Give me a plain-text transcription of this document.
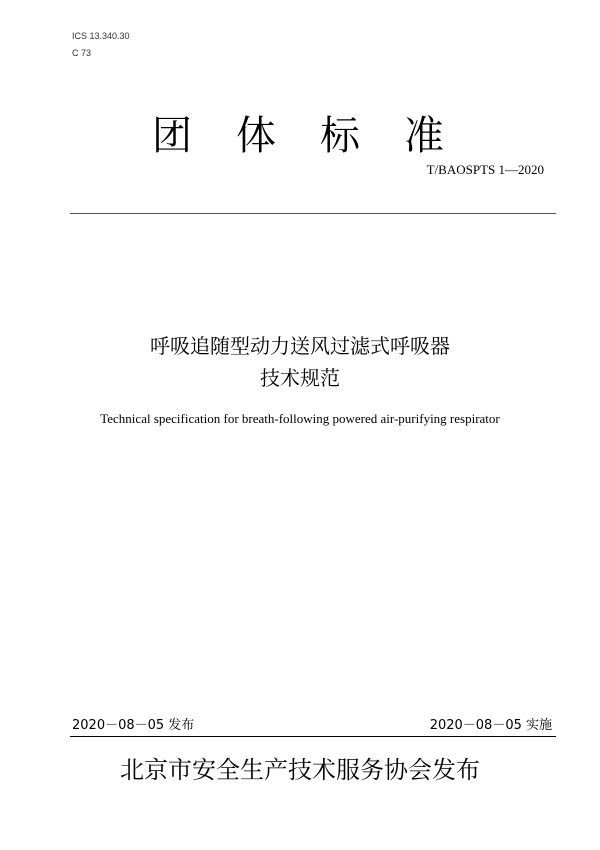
ICS 13.340.30
C 73
团体标准
T/BAOSPTS 1—2020
呼吸追随型动力送风过滤式呼吸器
技术规范
Technical specification for breath-following powered air-purifying respirator
2020－08－05 发布	2020－08－05 实施
北京市安全生产技术服务协会发布
